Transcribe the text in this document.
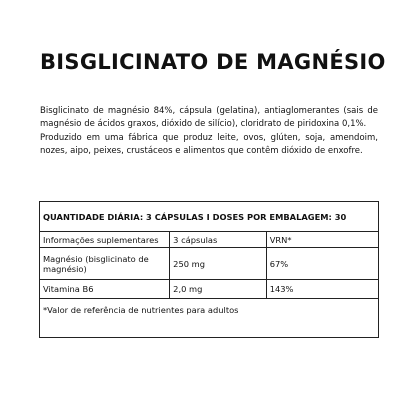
BISGLICINATO DE MAGNÉSIO

Bisglicinato de magnésio 84%, cápsula (gelatina), antiaglomerantes (sais de magnésio de ácidos graxos, dióxido de silício), cloridrato de piridoxina 0,1%.

Produzido em uma fábrica que produz leite, ovos, glúten, soja, amendoim, nozes, aipo, peixes, crustáceos e alimentos que contêm dióxido de enxofre.

QUANTIDADE DIÁRIA: 3 CÁPSULAS I DOSES POR EMBALAGEM: 30		
Informações suplementares	3 cápsulas	VRN*
Magnésio (bisglicinato de magnésio)	250 mg	67%
Vitamina B6	2,0 mg	143%
*Valor de referência de nutrientes para adultos		
